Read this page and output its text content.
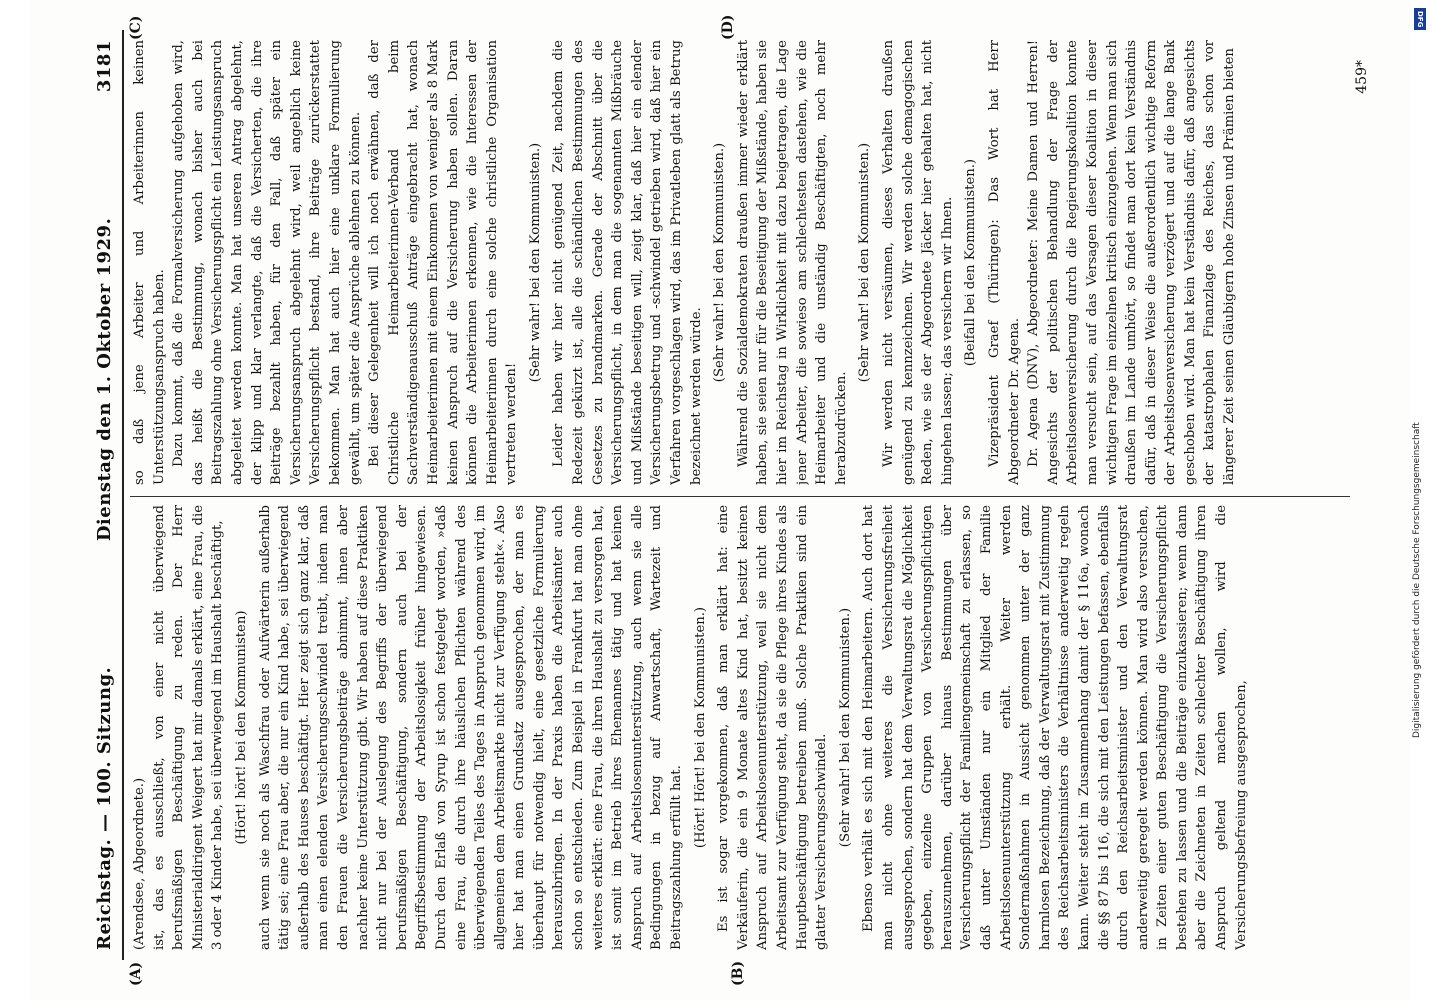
Reichstag. — 100. Sitzung.
Dienstag den 1. Oktober 1929.
3181
(A)	(B)
(C)	(D)

(Arendsee, Abgeordnete.) ist, das es ausschließt, von einer nicht überwiegend berufsmäßigen Beschäftigung zu reden. Der Herr Ministerialdirigent Weigert hat mir damals erklärt, eine Frau, die 3 oder 4 Kinder habe, sei überwiegend im Haushalt beschäftigt, (Hört! hört! bei den Kommunisten) auch wenn sie noch als Waschfrau oder Aufwärterin außerhalb tätig sei; eine Frau aber, die nur ein Kind habe, sei überwiegend außerhalb des Hauses beschäftigt. Hier zeigt sich ganz klar, daß man einen elenden Versicherungsschwindel treibt, indem man den Frauen die Versicherungsbeiträge abnimmt, ihnen aber nachher keine Unterstützung gibt. Wir haben auf diese Praktiken nicht nur bei der Auslegung des Begriffs der überwiegend berufsmäßigen Beschäftigung, sondern auch bei der Begriffsbestimmung der Arbeitslosigkeit früher hingewiesen. Durch den Erlaß von Syrup ist schon festgelegt worden, »daß eine Frau, die durch ihre häuslichen Pflichten während des überwiegenden Teiles des Tages in Anspruch genommen wird, im allgemeinen dem Arbeitsmarkte nicht zur Verfügung steht«. Also hier hat man einen Grundsatz ausgesprochen, der man es überhaupt für notwendig hielt, eine gesetzliche Formulierung herauszubringen. In der Praxis haben die Arbeitsämter auch schon so entschieden. Zum Beispiel in Frankfurt hat man ohne weiteres erklärt: eine Frau, die ihren Haushalt zu versorgen hat, ist somit im Betrieb ihres Ehemannes tätig und hat keinen Anspruch auf Arbeitslosenunterstützung, auch wenn sie alle Bedingungen in bezug auf Anwartschaft, Wartezeit und Beitragszahlung erfüllt hat.

(Hört! Hört! bei den Kommunisten.) Es ist sogar vorgekommen, daß man erklärt hat: eine Verkäuferin, die ein 9 Monate altes Kind hat, besitzt keinen Anspruch auf Arbeitslosenunterstützung, weil sie nicht dem Arbeitsamt zur Verfügung steht, da sie die Pflege ihres Kindes als Hauptbeschäftigung betreiben muß. Solche Praktiken sind ein glatter Versicherungsschwindel. (Sehr wahr! bei den Kommunisten.) Ebenso verhält es sich mit den Heimarbeitern. Auch dort hat man nicht ohne weiteres die Versicherungsfreiheit ausgesprochen, sondern hat dem Verwaltungsrat die Möglichkeit gegeben, einzelne Gruppen von Versicherungspflichtigen herauszunehmen, darüber hinaus Bestimmungen über Versicherungspflicht der Familiengemeinschaft zu erlassen, so daß unter Umständen nur ein Mitglied der Familie Arbeitslosenunterstützung erhält. Weiter werden Sondermaßnahmen in Aussicht genommen unter der ganz harmlosen Bezeichnung, daß der Verwaltungsrat mit Zustimmung des Reichsarbeitsministers die Verhältnisse anderweitig regeln kann. Weiter steht im Zusammenhang damit der § 116a, wonach die §§ 87 bis 116, die sich mit den Leistungen befassen, ebenfalls durch den Reichsarbeitsminister und den Verwaltungsrat anderweitig geregelt werden können. Man wird also versuchen, in Zeiten einer guten Beschäftigung die Versicherungspflicht bestehen zu lassen und die Beiträge einzukassieren; wenn dann aber die Zeichneten in Zeiten schlechter Beschäftigung ihren Anspruch geltend machen wollen, wird die Versicherungsbefreiung ausgesprochen,

so daß jene Arbeiter und Arbeiterinnen keinen Unterstützungsanspruch haben. Dazu kommt, daß die Formalversicherung aufgehoben wird, das heißt die Bestimmung, wonach bisher auch bei Beitragszahlung ohne Versicherungspflicht ein Leistungsanspruch abgeleitet werden konnte. Man hat unseren Antrag abgelehnt, der klipp und klar verlangte, daß die Versicherten, die ihre Beiträge bezahlt haben, für den Fall, daß später ein Versicherungsanspruch abgelehnt wird, weil angeblich keine Versicherungspflicht bestand, ihre Beiträge zurückerstattet bekommen. Man hat auch hier eine unklare Formulierung gewählt, um später die Ansprüche ablehnen zu können. Bei dieser Gelegenheit will ich noch erwähnen, daß der Christliche Heimarbeiterinnen-Verband beim Sachverständigenausschuß Anträge eingebracht hat, wonach Heimarbeiterinnen mit einem Einkommen von weniger als 8 Mark keinen Anspruch auf die Versicherung haben sollen. Daran können die Arbeiterinnen erkennen, wie die Interessen der Heimarbeiterinnen durch eine solche christliche Organisation vertreten werden!

(Sehr wahr! bei den Kommunisten.) Leider haben wir hier nicht genügend Zeit, nachdem die Redezeit gekürzt ist, alle die schändlichen Bestimmungen des Gesetzes zu brandmarken. Gerade der Abschnitt über die Versicherungspflicht, in dem man die sogenannten Mißbräuche und Mißstände beseitigen will, zeigt klar, daß hier ein elender Versicherungsbetrug und -schwindel getrieben wird, daß hier ein Verfahren vorgeschlagen wird, das im Privatleben glatt als Betrug bezeichnet werden würde.

(Sehr wahr! bei den Kommunisten.) Während die Sozialdemokraten draußen immer wieder erklärt haben, sie seien nur für die Beseitigung der Mißstände, haben sie hier im Reichstag in Wirklichkeit mit dazu beigetragen, die Lage jener Arbeiter, die sowieso am schlechtesten dastehen, wie die Heimarbeiter und die unständig Beschäftigten, noch mehr herabzudrücken.

(Sehr wahr! bei den Kommunisten.) Wir werden nicht versäumen, dieses Verhalten draußen genügend zu kennzeichnen. Wir werden solche demagogischen Reden, wie sie der Abgeordnete Jäcker hier gehalten hat, nicht hingehen lassen; das versichern wir Ihnen. (Beifall bei den Kommunisten.) Vizepräsident Graef (Thüringen): Das Wort hat Herr Abgeordneter Dr. Agena. Dr. Agena (DNV), Abgeordneter: Meine Damen und Herren! Angesichts der politischen Behandlung der Frage der Arbeitslosenversicherung durch die Regierungskoalition konnte man versucht sein, auf das Versagen dieser Koalition in dieser wichtigen Frage im einzelnen kritisch einzugehen. Wenn man sich draußen im Lande umhört, so findet man dort kein Verständnis dafür, daß in dieser Weise die außerordentlich wichtige Reform der Arbeitslosenversicherung verzögert und auf die lange Bank geschoben wird. Man hat kein Verständnis dafür, daß angesichts der katastrophalen Finanzlage des Reiches, das schon vor längerer Zeit seinen Gläubigern hohe Zinsen und Prämien bieten	459*
DFG
Digitalisierung gefördert durch die Deutsche Forschungsgemeinschaft
